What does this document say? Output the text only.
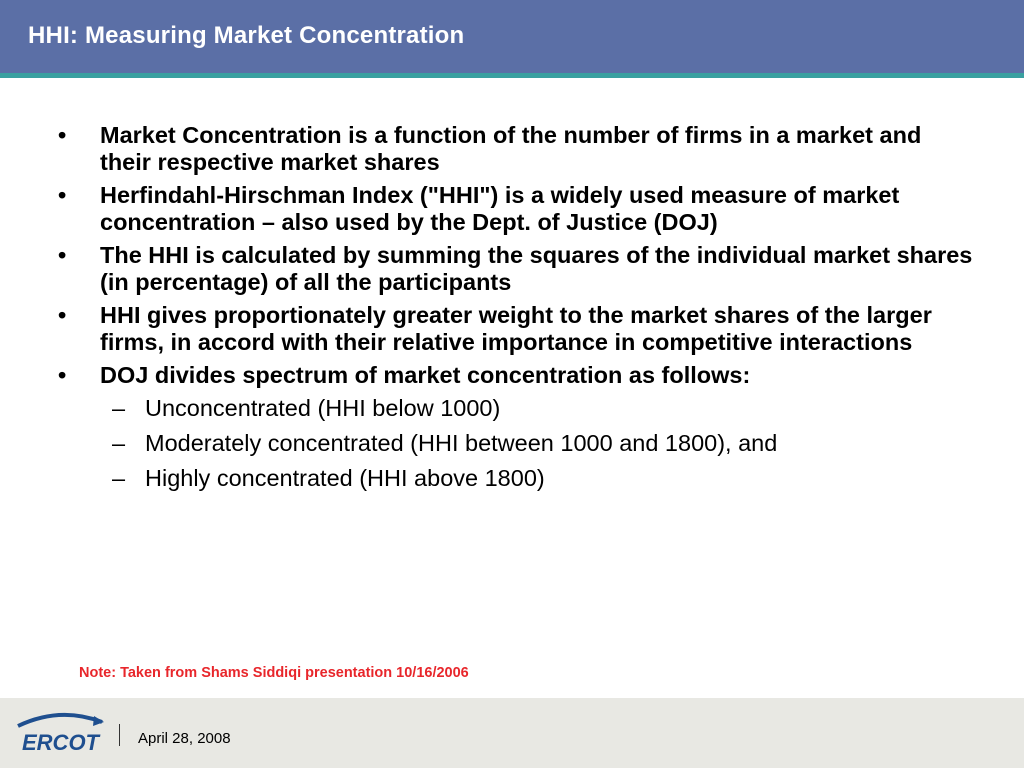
HHI: Measuring Market Concentration
•	Market Concentration is a function of the number of firms in a market and their respective market shares
•	Herfindahl-Hirschman Index ("HHI") is a widely used measure of market concentration – also used by the Dept. of Justice (DOJ)
•	The HHI is calculated by summing the squares of the individual market shares (in percentage) of all the participants
•	HHI gives proportionately greater weight to the market shares of the larger firms, in accord with their relative importance in competitive interactions
•	DOJ divides spectrum of market concentration as follows:
– Unconcentrated (HHI below 1000)
– Moderately concentrated (HHI between 1000 and 1800), and
– Highly concentrated (HHI above 1800)
Note: Taken from Shams Siddiqi presentation 10/16/2006
ERCOT	April 28, 2008
